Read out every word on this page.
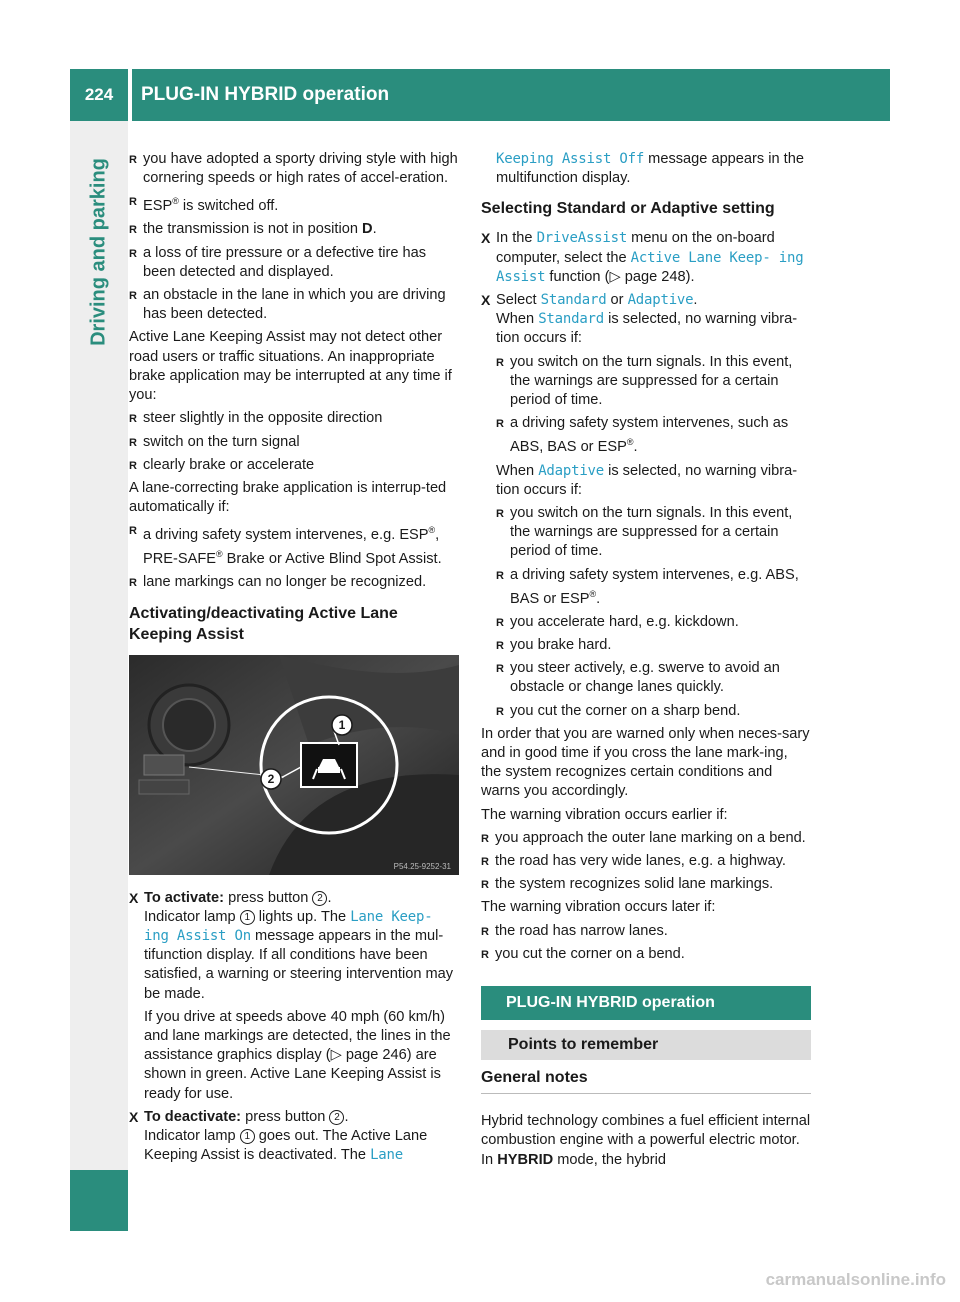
224	PLUG-IN HYBRID operation
Driving and parking
R	you have adopted a sporty driving style with high cornering speeds or high rates of accel-eration.
R ESP® is switched off.
R the transmission is not in position D.
R a loss of tire pressure or a defective tire has been detected and displayed.
R an obstacle in the lane in which you are driving has been detected.

Active Lane Keeping Assist may not detect other road users or traffic situations. An inappropriate brake application may be interrupted at any time if you:

R steer slightly in the opposite direction
R switch on the turn signal
R clearly brake or accelerate

A lane-correcting brake application is interrup-ted automatically if:

R a driving safety system intervenes, e.g. ESP®, PRE-SAFE® Brake or Active Blind Spot Assist.
R lane markings can no longer be recognized.
Activating/deactivating Active Lane Keeping Assist
1
2
P54.25-9252-31
X To activate: press button 2 .
Indicator lamp 1 lights up. The Lane Keep‐ ing Assist On message appears in the mul-tifunction display. If all conditions have been satisfied, a warning or steering intervention may be made.

If you drive at speeds above 40 mph (60 km/h) and lane markings are detected, the lines in the assistance graphics display (▷ page 246) are shown in green. Active Lane Keeping Assist is ready for use.

X To deactivate: press button 2 .
Indicator lamp 1 goes out. The Active Lane Keeping Assist is deactivated. The Lane

Keeping Assist Off message appears in the multifunction display.

Selecting Standard or Adaptive setting
X In the DriveAssist menu on the on-board computer, select the Active Lane Keep‐ ing Assist function (▷ page 248).
X Select Standard or Adaptive.
When Standard is selected, no warning vibra-tion occurs if:
R you switch on the turn signals. In this event, the warnings are suppressed for a certain period of time.
R a driving safety system intervenes, such as ABS, BAS or ESP®.

When Adaptive is selected, no warning vibra-tion occurs if:

R you switch on the turn signals. In this event, the warnings are suppressed for a certain period of time.
R a driving safety system intervenes, e.g. ABS, BAS or ESP®.
R you accelerate hard, e.g. kickdown.
R you brake hard.
R you steer actively, e.g. swerve to avoid an obstacle or change lanes quickly.
R you cut the corner on a sharp bend.

In order that you are warned only when neces-sary and in good time if you cross the lane mark-ing, the system recognizes certain conditions and warns you accordingly.

The warning vibration occurs earlier if:

R you approach the outer lane marking on a bend.
R the road has very wide lanes, e.g. a highway.
R the system recognizes solid lane markings.

The warning vibration occurs later if:

R the road has narrow lanes.
R you cut the corner on a bend.
PLUG-IN HYBRID operation
Points to remember
General notes

Hybrid technology combines a fuel efficient internal combustion engine with a powerful electric motor. In HYBRID mode, the hybrid

carmanualsonline.info
